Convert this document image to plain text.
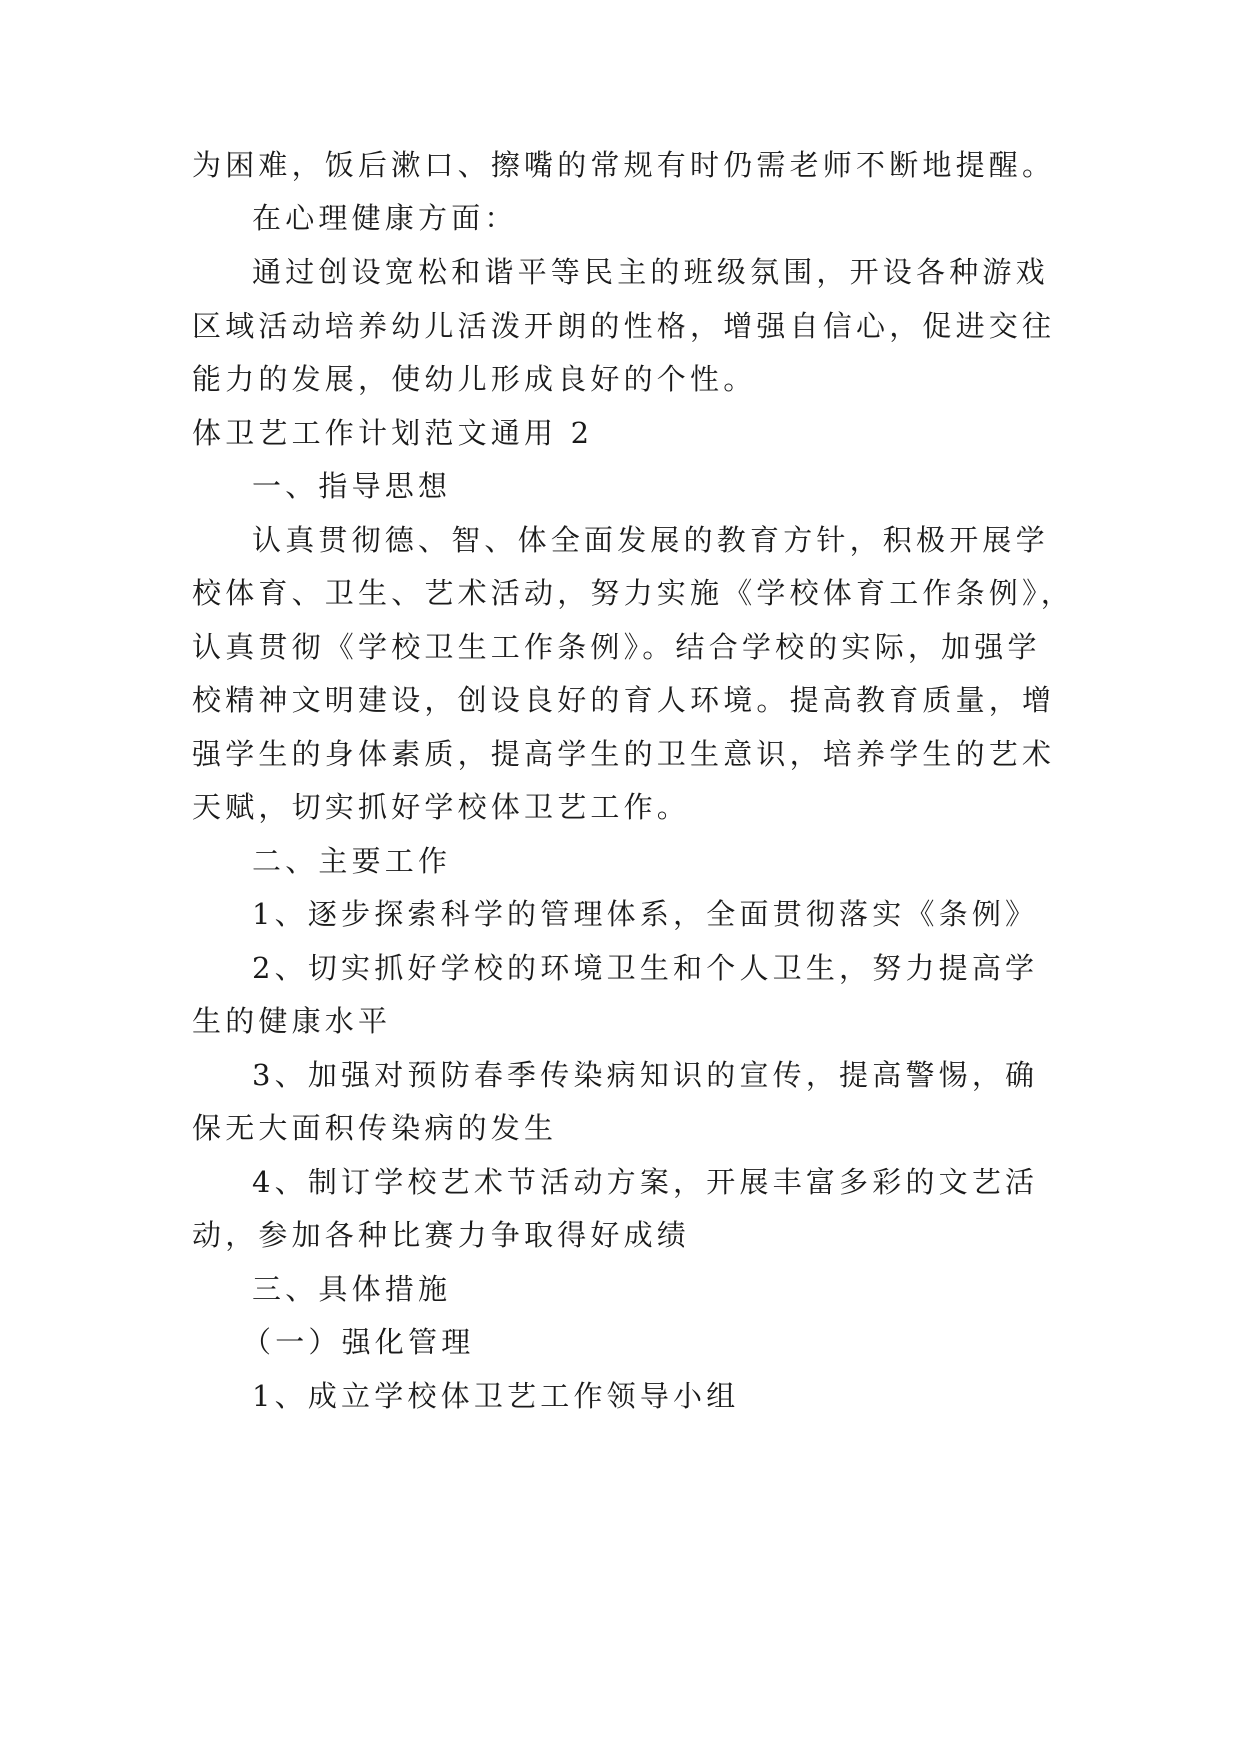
为困难，饭后漱口、擦嘴的常规有时仍需老师不断地提醒。
在心理健康方面：
通过创设宽松和谐平等民主的班级氛围，开设各种游戏
区域活动培养幼儿活泼开朗的性格，增强自信心，促进交往
能力的发展，使幼儿形成良好的个性。
体卫艺工作计划范文通用 2
一、指导思想
认真贯彻德、智、体全面发展的教育方针，积极开展学
校体育、卫生、艺术活动，努力实施《学校体育工作条例》，
认真贯彻《学校卫生工作条例》。结合学校的实际，加强学
校精神文明建设，创设良好的育人环境。提高教育质量，增
强学生的身体素质，提高学生的卫生意识，培养学生的艺术
天赋，切实抓好学校体卫艺工作。
二、主要工作
1、逐步探索科学的管理体系，全面贯彻落实《条例》
2、切实抓好学校的环境卫生和个人卫生，努力提高学
生的健康水平
3、加强对预防春季传染病知识的宣传，提高警惕，确
保无大面积传染病的发生
4、制订学校艺术节活动方案，开展丰富多彩的文艺活
动，参加各种比赛力争取得好成绩
三、具体措施
（一）强化管理
1、成立学校体卫艺工作领导小组
